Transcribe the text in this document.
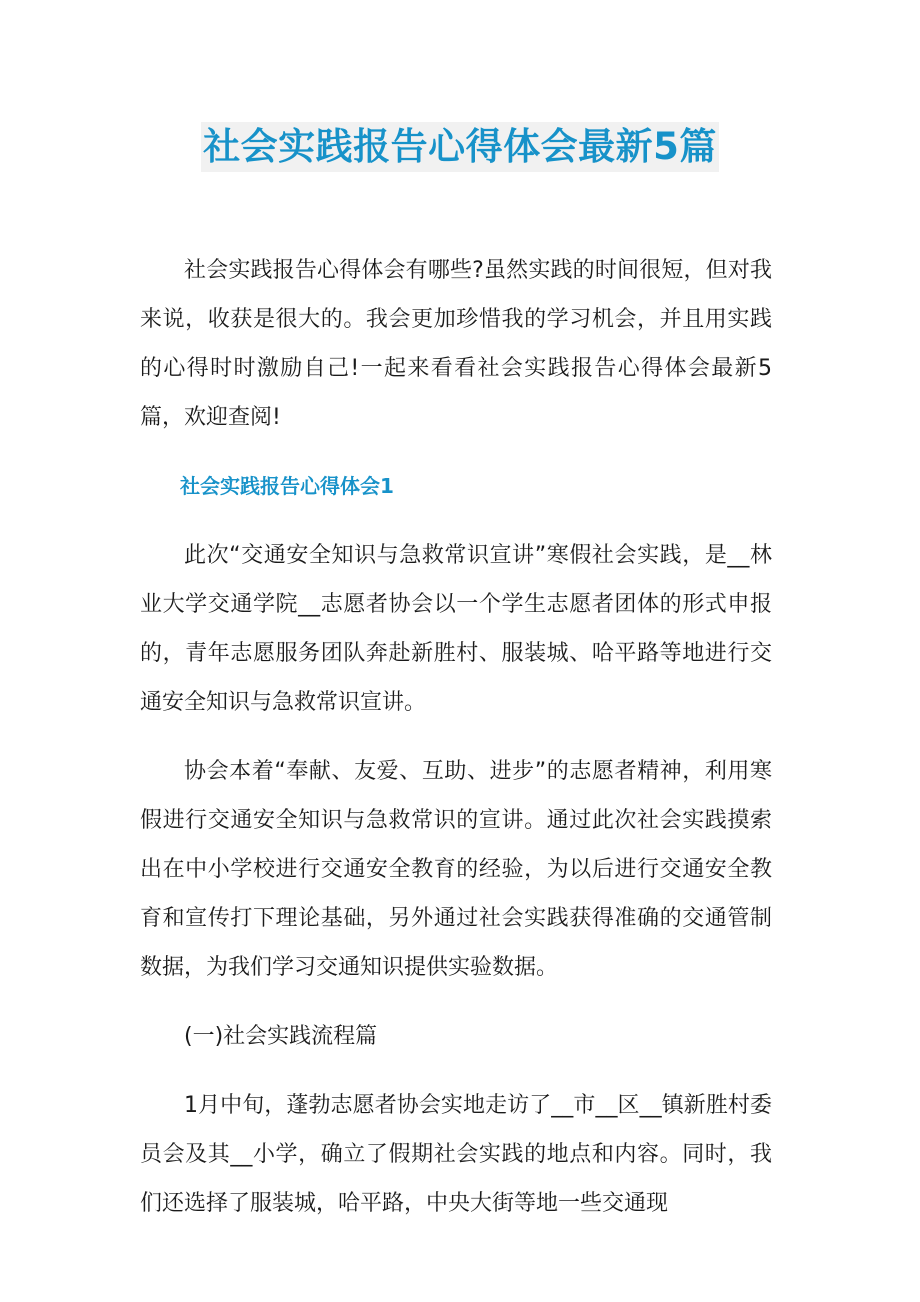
社会实践报告心得体会最新5篇

社会实践报告心得体会有哪些?虽然实践的时间很短，但对我来说，收获是很大的。我会更加珍惜我的学习机会，并且用实践的心得时时激励自己!一起来看看社会实践报告心得体会最新5篇，欢迎查阅!

社会实践报告心得体会1

此次“交通安全知识与急救常识宣讲”寒假社会实践，是__林业大学交通学院__志愿者协会以一个学生志愿者团体的形式申报的，青年志愿服务团队奔赴新胜村、服装城、哈平路等地进行交通安全知识与急救常识宣讲。

协会本着“奉献、友爱、互助、进步”的志愿者精神，利用寒假进行交通安全知识与急救常识的宣讲。通过此次社会实践摸索出在中小学校进行交通安全教育的经验，为以后进行交通安全教育和宣传打下理论基础，另外通过社会实践获得准确的交通管制数据，为我们学习交通知识提供实验数据。

(一)社会实践流程篇

1月中旬，蓬勃志愿者协会实地走访了__市__区__镇新胜村委员会及其__小学，确立了假期社会实践的地点和内容。同时，我们还选择了服装城，哈平路，中央大街等地一些交通现
